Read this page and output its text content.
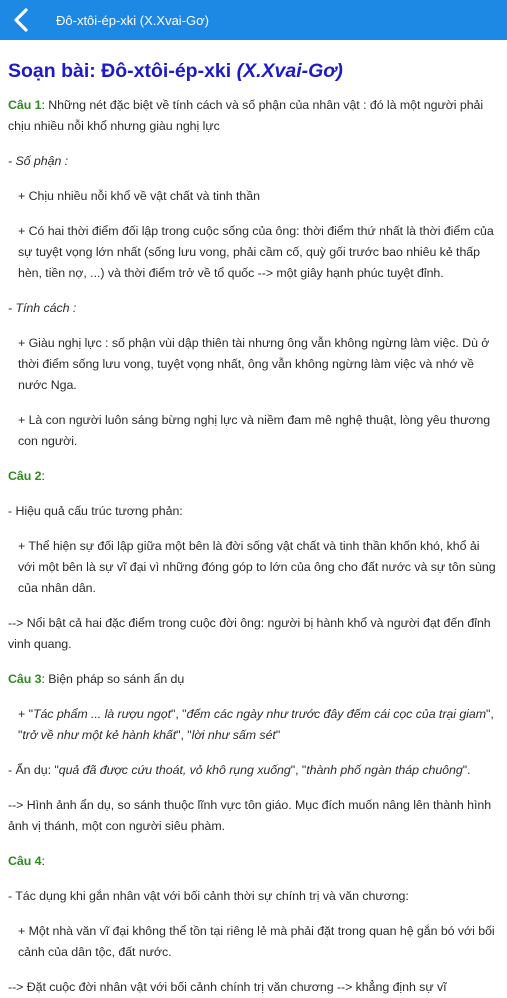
Đô-xtôi-ép-xki (X.Xvai-Gơ)
Soạn bài: Đô-xtôi-ép-xki (X.Xvai-Gơ)

Câu 1: Những nét đặc biệt về tính cách và số phận của nhân vật : đó là một người phải chịu nhiều nỗi khổ nhưng giàu nghị lực

- Số phận :

+ Chịu nhiều nỗi khổ về vật chất và tinh thần

+ Có hai thời điểm đối lập trong cuộc sống của ông: thời điểm thứ nhất là thời điểm của sự tuyệt vọng lớn nhất (sống lưu vong, phải cầm cố, quỳ gối trước bao nhiêu kẻ thấp hèn, tiền nợ, ...) và thời điểm trở về tổ quốc --> một giây hạnh phúc tuyệt đỉnh.

- Tính cách :

+ Giàu nghị lực : số phận vùi dập thiên tài nhưng ông vẫn không ngừng làm việc. Dù ở thời điểm sống lưu vong, tuyệt vọng nhất, ông vẫn không ngừng làm việc và nhớ về nước Nga.

+ Là con người luôn sáng bừng nghị lực và niềm đam mê nghệ thuật, lòng yêu thương con người.

Câu 2:

- Hiệu quả cấu trúc tương phản:

+ Thể hiện sự đối lập giữa một bên là đời sống vật chất và tinh thần khốn khó, khổ ải với một bên là sự vĩ đại vì những đóng góp to lớn của ông cho đất nước và sự tôn sùng của nhân dân.

--> Nổi bật cả hai đặc điểm trong cuộc đời ông: người bị hành khổ và người đạt đến đỉnh vinh quang.

Câu 3: Biện pháp so sánh ẩn dụ

+ "Tác phẩm ... là rượu ngọt", "đếm các ngày như trước đây đếm cái cọc của trại giam", "trở về như một kẻ hành khất", "lời như sấm sét"

- Ẩn dụ: "quả đã được cứu thoát, vỏ khô rụng xuống", "thành phố ngàn tháp chuông".

--> Hình ảnh ẩn dụ, so sánh thuộc lĩnh vực tôn giáo. Mục đích muốn nâng lên thành hình ảnh vị thánh, một con người siêu phàm.

Câu 4:

- Tác dụng khi gắn nhân vật với bối cảnh thời sự chính trị và văn chương:

+ Một nhà văn vĩ đại không thể tồn tại riêng lẻ mà phải đặt trong quan hệ gắn bó với bối cảnh của dân tộc, đất nước.

--> Đặt cuộc đời nhân vật với bối cảnh chính trị văn chương --> khẳng định sự vĩ
